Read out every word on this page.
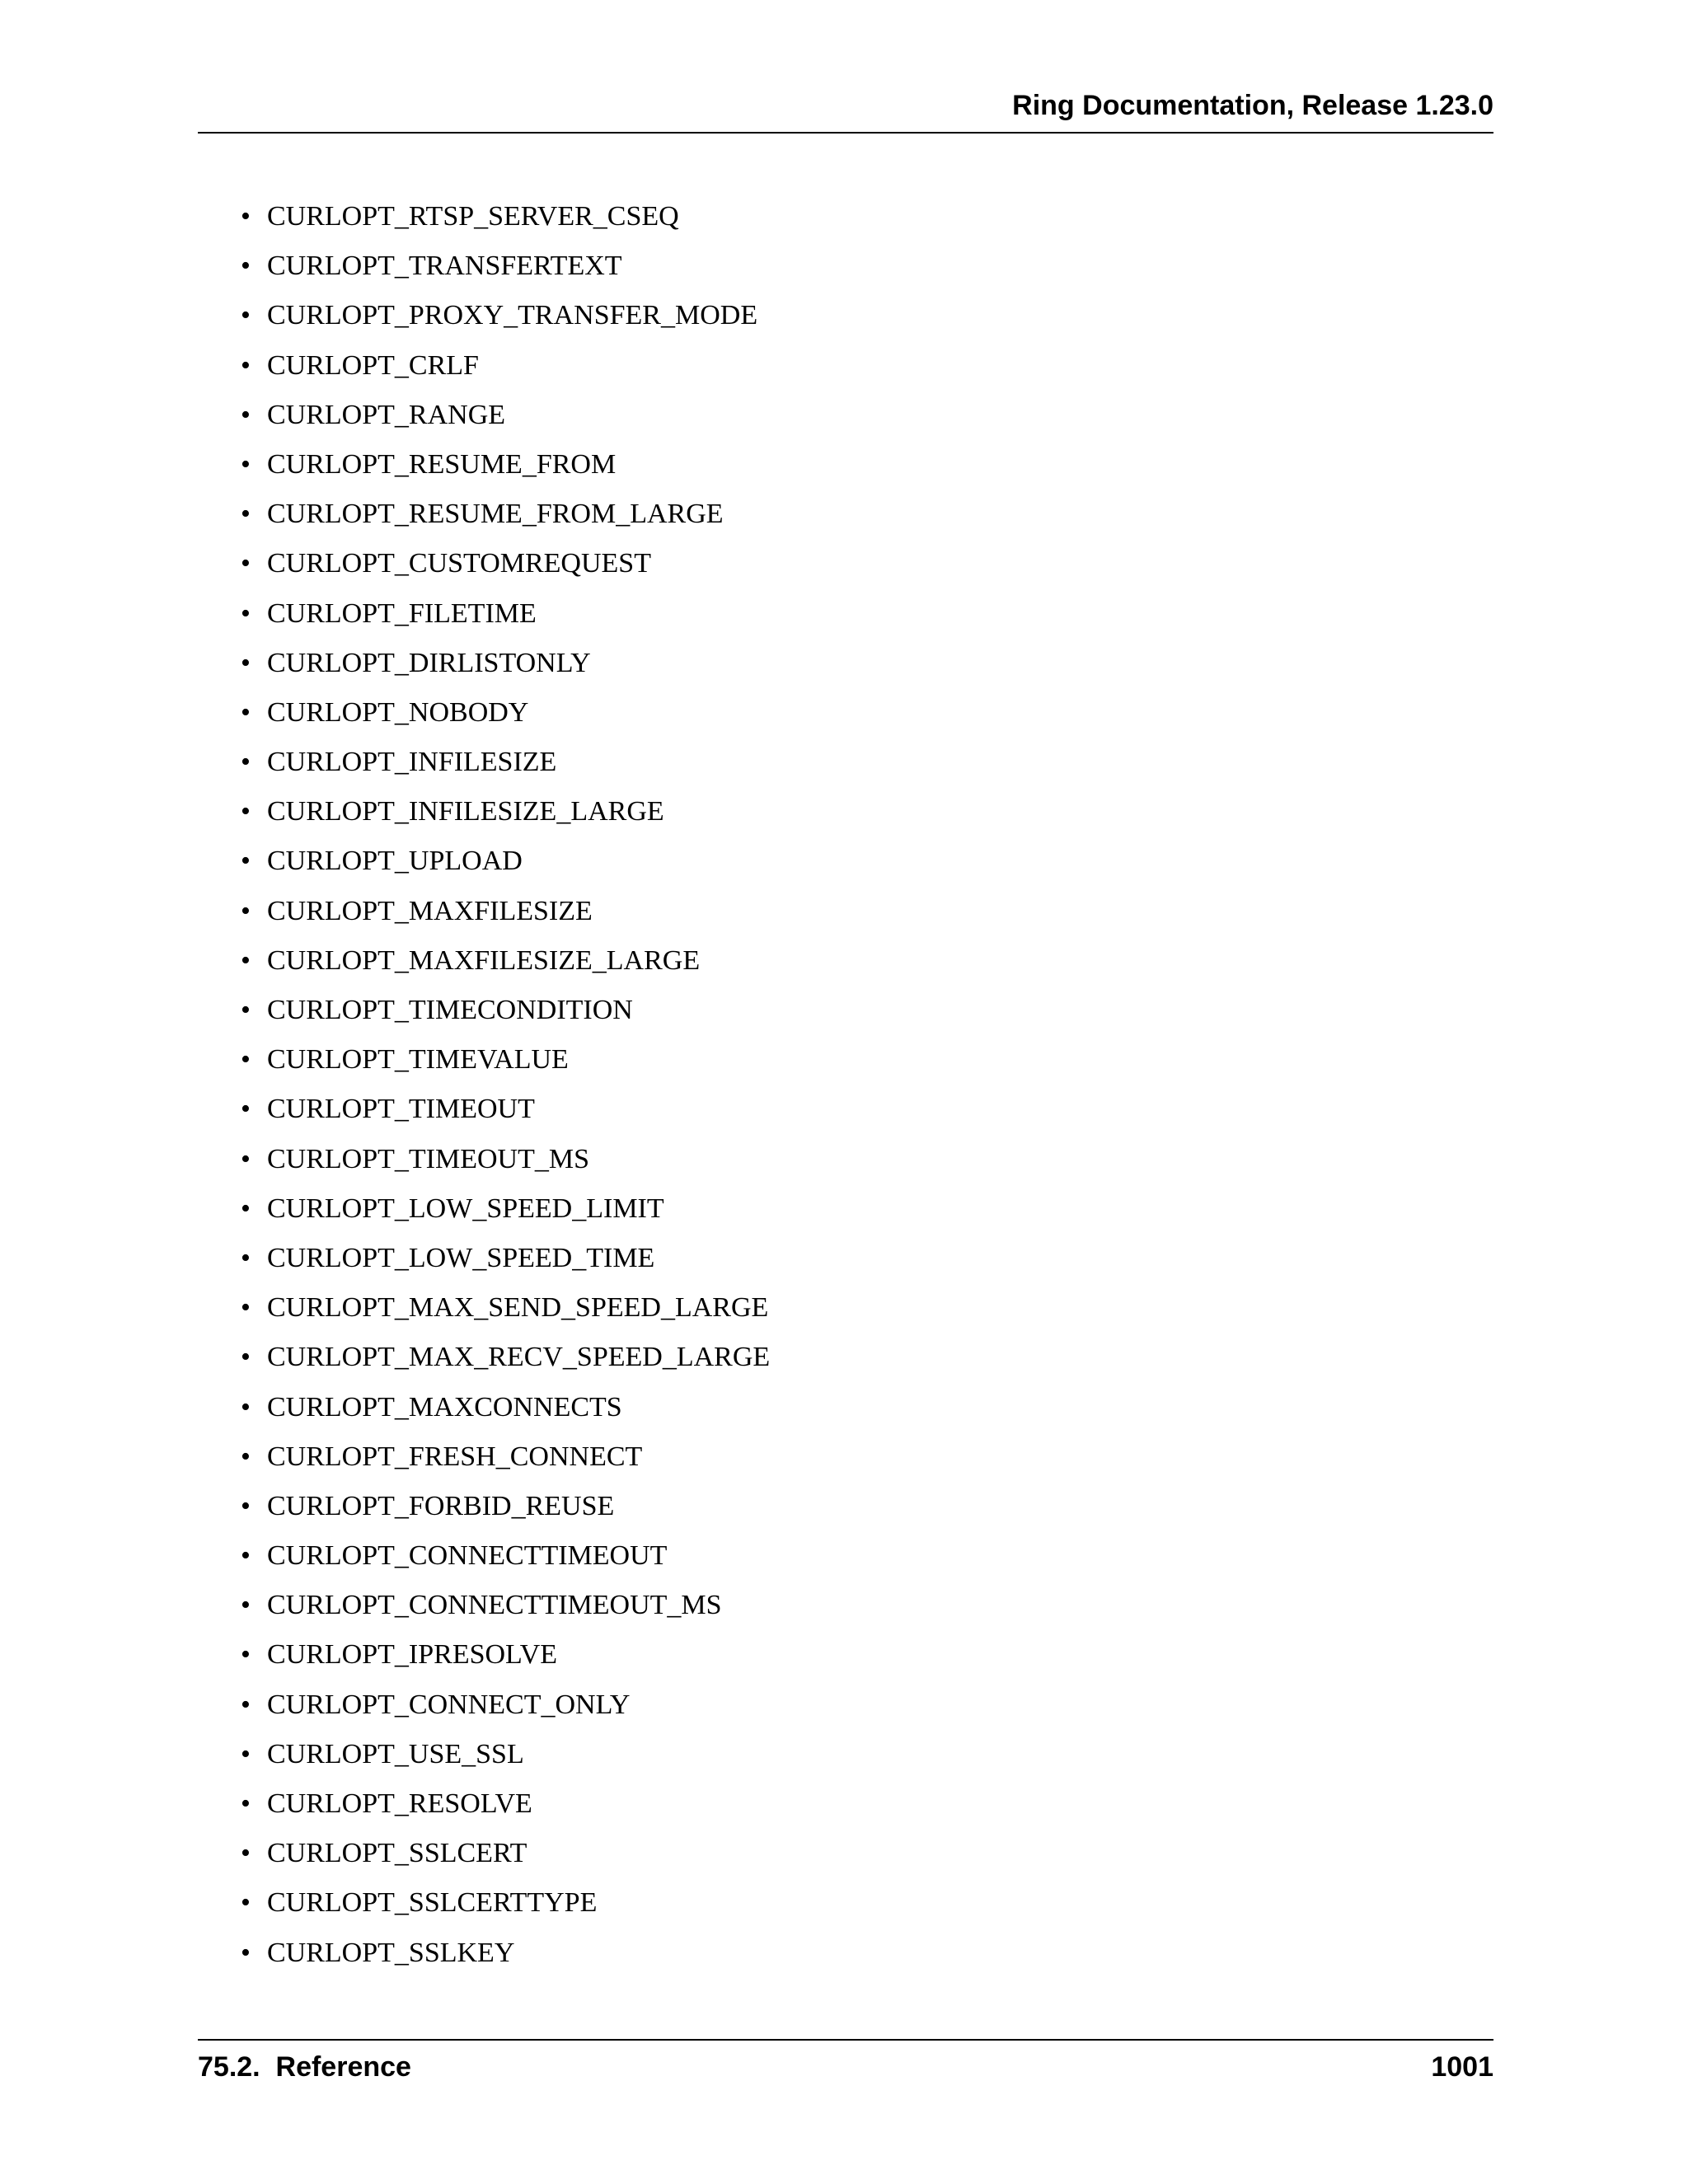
Ring Documentation, Release 1.23.0
• CURLOPT_RTSP_SERVER_CSEQ
• CURLOPT_TRANSFERTEXT
• CURLOPT_PROXY_TRANSFER_MODE
• CURLOPT_CRLF
• CURLOPT_RANGE
• CURLOPT_RESUME_FROM
• CURLOPT_RESUME_FROM_LARGE
• CURLOPT_CUSTOMREQUEST
• CURLOPT_FILETIME
• CURLOPT_DIRLISTONLY
• CURLOPT_NOBODY
• CURLOPT_INFILESIZE
• CURLOPT_INFILESIZE_LARGE
• CURLOPT_UPLOAD
• CURLOPT_MAXFILESIZE
• CURLOPT_MAXFILESIZE_LARGE
• CURLOPT_TIMECONDITION
• CURLOPT_TIMEVALUE
• CURLOPT_TIMEOUT
• CURLOPT_TIMEOUT_MS
• CURLOPT_LOW_SPEED_LIMIT
• CURLOPT_LOW_SPEED_TIME
• CURLOPT_MAX_SEND_SPEED_LARGE
• CURLOPT_MAX_RECV_SPEED_LARGE
• CURLOPT_MAXCONNECTS
• CURLOPT_FRESH_CONNECT
• CURLOPT_FORBID_REUSE
• CURLOPT_CONNECTTIMEOUT
• CURLOPT_CONNECTTIMEOUT_MS
• CURLOPT_IPRESOLVE
• CURLOPT_CONNECT_ONLY
• CURLOPT_USE_SSL
• CURLOPT_RESOLVE
• CURLOPT_SSLCERT
• CURLOPT_SSLCERTTYPE
• CURLOPT_SSLKEY
75.2.  Reference	1001
